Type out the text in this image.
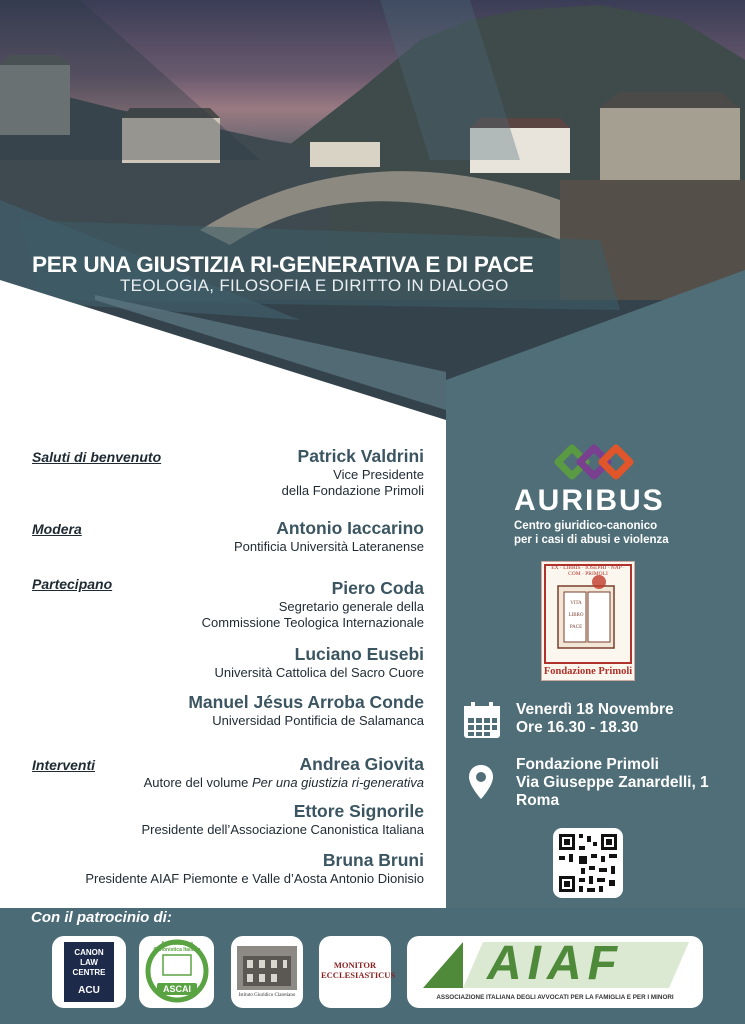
PER UNA GIUSTIZIA RI-GENERATIVA E DI PACE
TEOLOGIA, FILOSOFIA E DIRITTO IN DIALOGO
Saluti di benvenuto	Patrick Valdrini
Vice Presidente
della Fondazione Primoli
Modera	Antonio Iaccarino
Pontificia Università Lateranense
Partecipano	Piero Coda
Segretario generale della
Commissione Teologica Internazionale
Luciano Eusebi
Università Cattolica del Sacro Cuore
Manuel Jésus Arroba Conde
Universidad Pontificia de Salamanca
Interventi	Andrea Giovita
Autore del volume Per una giustizia ri-generativa
Ettore Signorile
Presidente dell’Associazione Canonistica Italiana
Bruna Bruni
Presidente AIAF Piemonte e Valle d’Aosta Antonio Dionisio
AURIBUS
Centro giuridico-canonico
per i casi di abusi e violenza
EX · LIBRIS · IOSEPHI · NAP · COM · PRIMOLI
VITA
LIBRO
PACE
Fondazione Primoli
Venerdì 18 Novembre
Ore 16.30 - 18.30
Fondazione Primoli
Via Giuseppe Zanardelli, 1
Roma
Con il patrocinio di:
CANON
LAW
CENTRE
ACU
Associazione Canonistica Italiana
ASCAI
Istituto Giuridico Claretiano
MONITOR
ECCLESIASTICUS	AIAF
ASSOCIAZIONE ITALIANA DEGLI AVVOCATI PER LA FAMIGLIA E PER I MINORI
